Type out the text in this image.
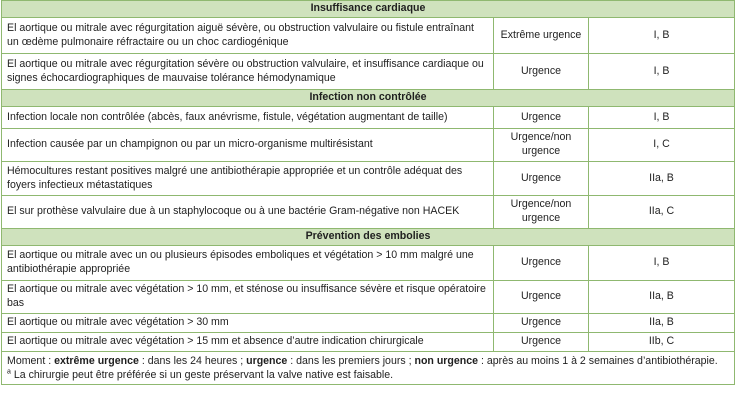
Insuffisance cardiaque		
El aortique ou mitrale avec régurgitation aiguë sévère, ou obstruction valvulaire ou fistule entraînant un œdème pulmonaire réfractaire ou un choc cardiogénique	Extrême urgence	I, B
El aortique ou mitrale avec régurgitation sévère ou obstruction valvulaire, et insuffisance cardiaque ou signes échocardiographiques de mauvaise tolérance hémodynamique	Urgence	I, B
Infection non contrôlée		
Infection locale non contrôlée (abcès, faux anévrisme, fistule, végétation augmentant de taille)	Urgence	I, B
Infection causée par un champignon ou par un micro-organisme multirésistant	Urgence/non urgence	I, C
Hémocultures restant positives malgré une antibiothérapie appropriée et un contrôle adéquat des foyers infectieux métastatiques	Urgence	IIa, B
El sur prothèse valvulaire due à un staphylocoque ou à une bactérie Gram-négative non HACEK	Urgence/non urgence	IIa, C
Prévention des embolies		
El aortique ou mitrale avec un ou plusieurs épisodes emboliques et végétation > 10 mm malgré une antibiothérapie appropriée	Urgence	I, B
El aortique ou mitrale avec végétation > 10 mm, et sténose ou insuffisance sévère et risque opératoire bas	Urgence	IIa, B
El aortique ou mitrale avec végétation > 30 mm	Urgence	IIa, B
El aortique ou mitrale avec végétation > 15 mm et absence d’autre indication chirurgicale	Urgence	IIb, C

Moment : extrême urgence : dans les 24 heures ; urgence : dans les premiers jours ; non urgence : après au moins 1 à 2 semaines d’antibiothérapie.
$^a$ La chirurgie peut être préférée si un geste préservant la valve native est faisable.		
